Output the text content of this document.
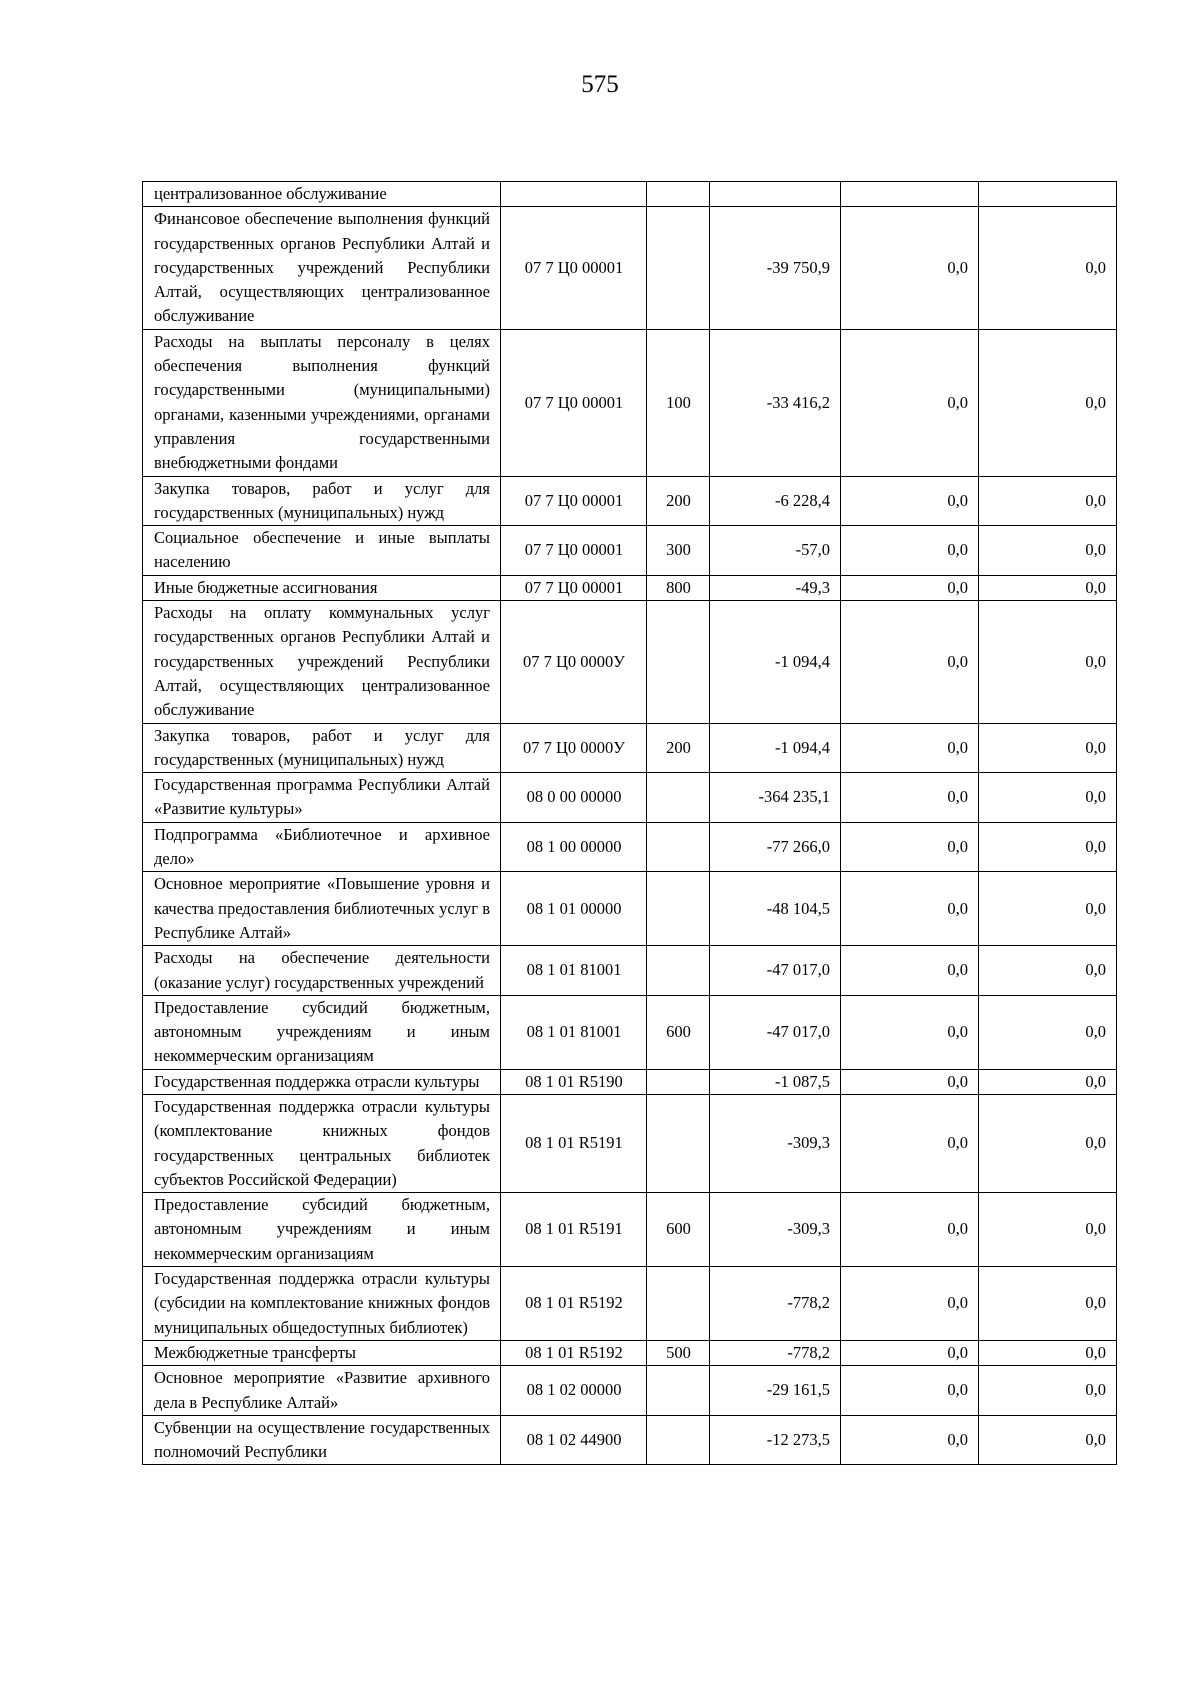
575
централизованное обслуживание					
Финансовое обеспечение выполнения функций государственных органов Республики Алтай и государственных учреждений Республики Алтай, осуществляющих централизованное обслуживание	07 7 Ц0 00001		-39 750,9	0,0	0,0
Расходы на выплаты персоналу в целях обеспечения выполнения функций государственными (муниципальными) органами, казенными учреждениями, органами управления государственными внебюджетными фондами	07 7 Ц0 00001	100	-33 416,2	0,0	0,0
Закупка товаров, работ и услуг для государственных (муниципальных) нужд	07 7 Ц0 00001	200	-6 228,4	0,0	0,0
Социальное обеспечение и иные выплаты населению	07 7 Ц0 00001	300	-57,0	0,0	0,0
Иные бюджетные ассигнования	07 7 Ц0 00001	800	-49,3	0,0	0,0
Расходы на оплату коммунальных услуг государственных органов Республики Алтай и государственных учреждений Республики Алтай, осуществляющих централизованное обслуживание	07 7 Ц0 0000У		-1 094,4	0,0	0,0
Закупка товаров, работ и услуг для государственных (муниципальных) нужд	07 7 Ц0 0000У	200	-1 094,4	0,0	0,0
Государственная программа Республики Алтай «Развитие культуры»	08 0 00 00000		-364 235,1	0,0	0,0
Подпрограмма «Библиотечное и архивное дело»	08 1 00 00000		-77 266,0	0,0	0,0
Основное мероприятие «Повышение уровня и качества предоставления библиотечных услуг в Республике Алтай»	08 1 01 00000		-48 104,5	0,0	0,0
Расходы на обеспечение деятельности (оказание услуг) государственных учреждений	08 1 01 81001		-47 017,0	0,0	0,0
Предоставление субсидий бюджетным, автономным учреждениям и иным некоммерческим организациям	08 1 01 81001	600	-47 017,0	0,0	0,0
Государственная поддержка отрасли культуры	08 1 01 R5190		-1 087,5	0,0	0,0
Государственная поддержка отрасли культуры (комплектование книжных фондов государственных центральных библиотек субъектов Российской Федерации)	08 1 01 R5191		-309,3	0,0	0,0
Предоставление субсидий бюджетным, автономным учреждениям и иным некоммерческим организациям	08 1 01 R5191	600	-309,3	0,0	0,0
Государственная поддержка отрасли культуры (субсидии на комплектование книжных фондов муниципальных общедоступных библиотек)	08 1 01 R5192		-778,2	0,0	0,0
Межбюджетные трансферты	08 1 01 R5192	500	-778,2	0,0	0,0
Основное мероприятие «Развитие архивного дела в Республике Алтай»	08 1 02 00000		-29 161,5	0,0	0,0
Субвенции на осуществление государственных полномочий Республики	08 1 02 44900		-12 273,5	0,0	0,0
